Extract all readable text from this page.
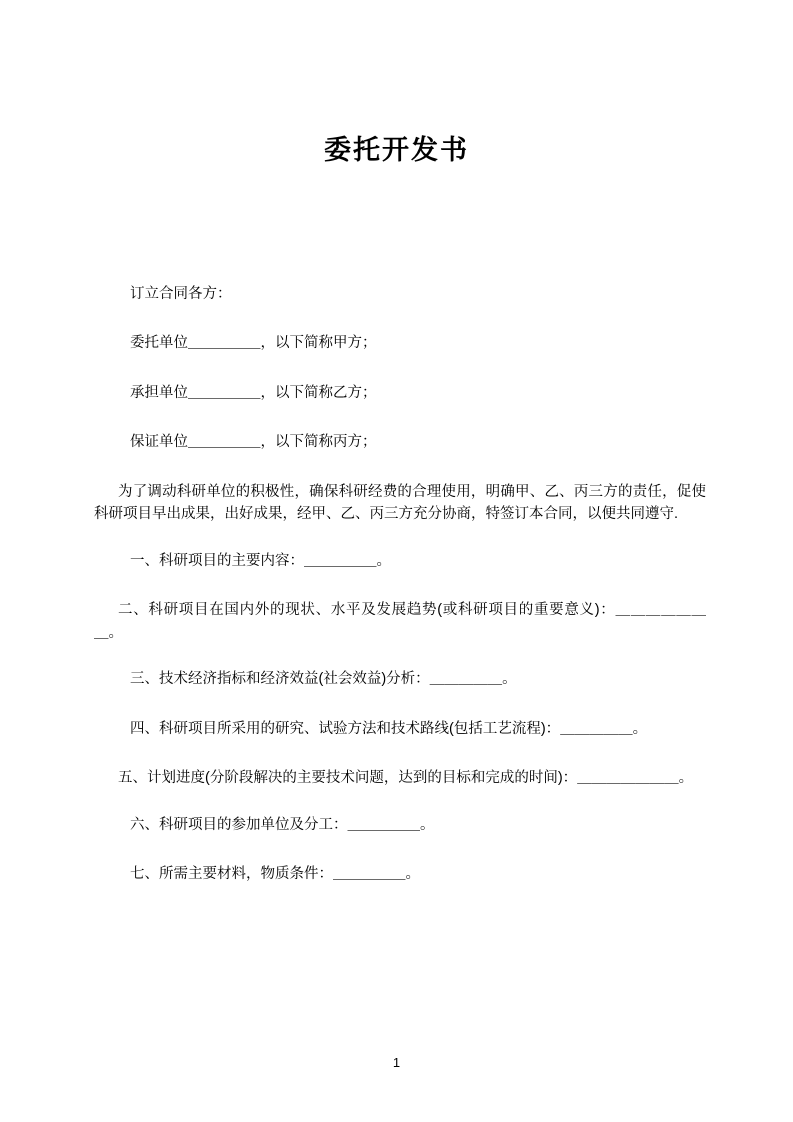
委托开发书

订立合同各方：

委托单位＿＿＿＿＿，以下简称甲方；

承担单位＿＿＿＿＿，以下简称乙方；

保证单位＿＿＿＿＿，以下简称丙方；

为了调动科研单位的积极性，确保科研经费的合理使用，明确甲、乙、丙三方的责任，促使科研项目早出成果，出好成果，经甲、乙、丙三方充分协商，特签订本合同，以便共同遵守.

一、科研项目的主要内容：＿＿＿＿＿。

二、科研项目在国内外的现状、水平及发展趋势(或科研项目的重要意义)：＿＿＿＿＿＿＿。

三、技术经济指标和经济效益(社会效益)分析：＿＿＿＿＿。

四、科研项目所采用的研究、试验方法和技术路线(包括工艺流程)：＿＿＿＿＿。

五、计划进度(分阶段解决的主要技术问题，达到的目标和完成的时间)：＿＿＿＿＿＿＿。

六、科研项目的参加单位及分工：＿＿＿＿＿。

七、所需主要材料，物质条件：＿＿＿＿＿。

1
